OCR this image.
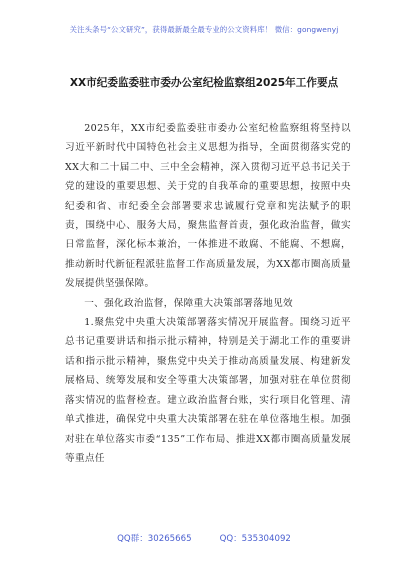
关注头条号“公文研究”，获得最新最全最专业的公文资料库！ 微信：gongwenyj
XX市纪委监委驻市委办公室纪检监察组2025年工作要点

2025年，XX市纪委监委驻市委办公室纪检监察组将坚持以习近平新时代中国特色社会主义思想为指导，全面贯彻落实党的XX大和二十届二中、三中全会精神，深入贯彻习近平总书记关于党的建设的重要思想、关于党的自我革命的重要思想，按照中央纪委和省、市纪委全会部署要求忠诚履行党章和宪法赋予的职责，围绕中心、服务大局，聚焦监督首责，强化政治监督，做实日常监督，深化标本兼治，一体推进不敢腐、不能腐、不想腐，推动新时代新征程派驻监督工作高质量发展，为XX都市圈高质量发展提供坚强保障。

一、强化政治监督，保障重大决策部署落地见效

1.聚焦党中央重大决策部署落实情况开展监督。围绕习近平总书记重要讲话和指示批示精神，特别是关于湖北工作的重要讲话和指示批示精神，聚焦党中央关于推动高质量发展、构建新发展格局、统筹发展和安全等重大决策部署，加强对驻在单位贯彻落实情况的监督检查。建立政治监督台账，实行项目化管理、清单式推进，确保党中央重大决策部署在驻在单位落地生根。加强对驻在单位落实市委“135”工作布局、推进XX都市圈高质量发展等重点任

QQ群：30265665	QQ：535304092
